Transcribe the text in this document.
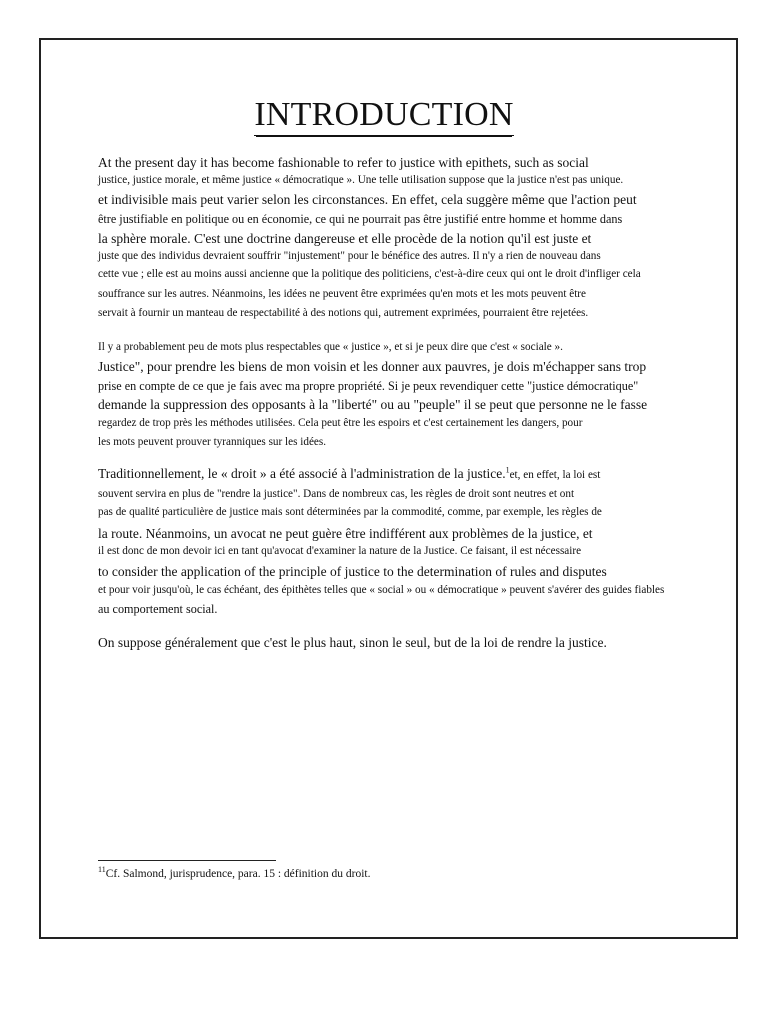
INTRODUCTION
At the present day it has become fashionable to refer to justice with epithets, such as social
justice, justice morale, et même justice « démocratique ». Une telle utilisation suppose que la justice n'est pas unique.
et indivisible mais peut varier selon les circonstances. En effet, cela suggère même que l'action peut
être justifiable en politique ou en économie, ce qui ne pourrait pas être justifié entre homme et homme dans
la sphère morale. C'est une doctrine dangereuse et elle procède de la notion qu'il est juste et
juste que des individus devraient souffrir "injustement" pour le bénéfice des autres. Il n'y a rien de nouveau dans
cette vue ; elle est au moins aussi ancienne que la politique des politiciens, c'est-à-dire ceux qui ont le droit d'infliger cela
souffrance sur les autres. Néanmoins, les idées ne peuvent être exprimées qu'en mots et les mots peuvent être
servait à fournir un manteau de respectabilité à des notions qui, autrement exprimées, pourraient être rejetées.
Il y a probablement peu de mots plus respectables que « justice », et si je peux dire que c'est « sociale ».
Justice", pour prendre les biens de mon voisin et les donner aux pauvres, je dois m'échapper sans trop
prise en compte de ce que je fais avec ma propre propriété. Si je peux revendiquer cette "justice démocratique"
demande la suppression des opposants à la "liberté" ou au "peuple" il se peut que personne ne le fasse
regardez de trop près les méthodes utilisées. Cela peut être les espoirs et c'est certainement les dangers, pour
les mots peuvent prouver tyranniques sur les idées.
Traditionnellement, le « droit » a été associé à l'administration de la justice.$^1$et, en effet, la loi est
souvent servira en plus de "rendre la justice". Dans de nombreux cas, les règles de droit sont neutres et ont
pas de qualité particulière de justice mais sont déterminées par la commodité, comme, par exemple, les règles de
la route. Néanmoins, un avocat ne peut guère être indifférent aux problèmes de la justice, et
il est donc de mon devoir ici en tant qu'avocat d'examiner la nature de la Justice. Ce faisant, il est nécessaire
to consider the application of the principle of justice to the determination of rules and disputes
et pour voir jusqu'où, le cas échéant, des épithètes telles que « social » ou « démocratique » peuvent s'avérer des guides fiables
au comportement social.
On suppose généralement que c'est le plus haut, sinon le seul, but de la loi de rendre la justice.
$^{11}$Cf. Salmond, jurisprudence, para. 15 : définition du droit.
